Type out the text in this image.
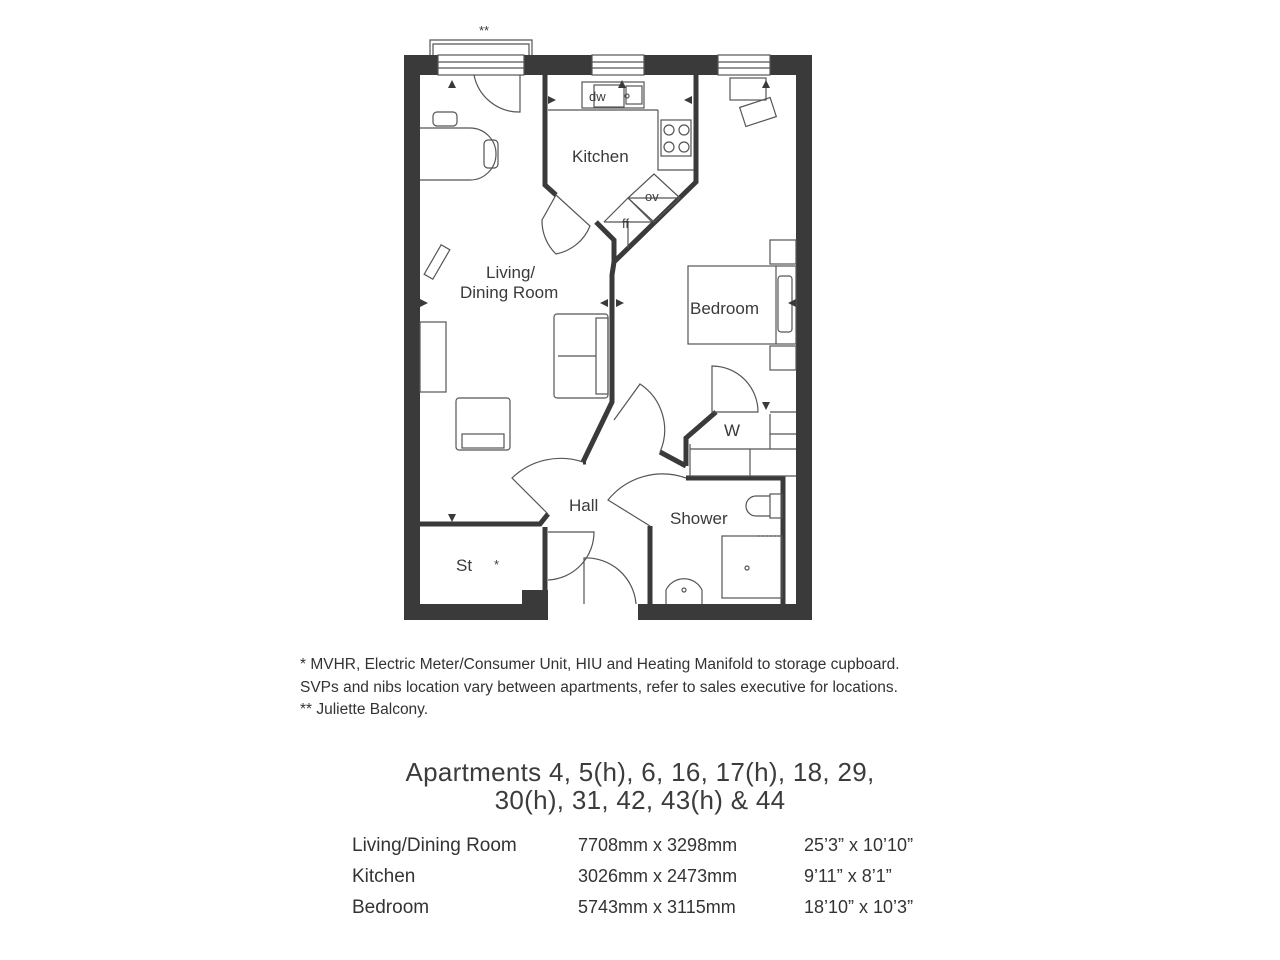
**
dw
ov
ff
Kitchen
Living/
Dining Room
Bedroom
W
Hall
Shower
St *
* MVHR, Electric Meter/Consumer Unit, HIU and Heating Manifold to storage cupboard.
SVPs and nibs location vary between apartments, refer to sales executive for locations.
** Juliette Balcony.
Apartments 4, 5(h), 6, 16, 17(h), 18, 29,
30(h), 31, 42, 43(h) & 44
Living/Dining Room	7708mm x 3298mm	25’3” x 10’10”
Kitchen	3026mm x 2473mm	9’11” x 8’1”
Bedroom	5743mm x 3115mm	18’10” x 10’3”
